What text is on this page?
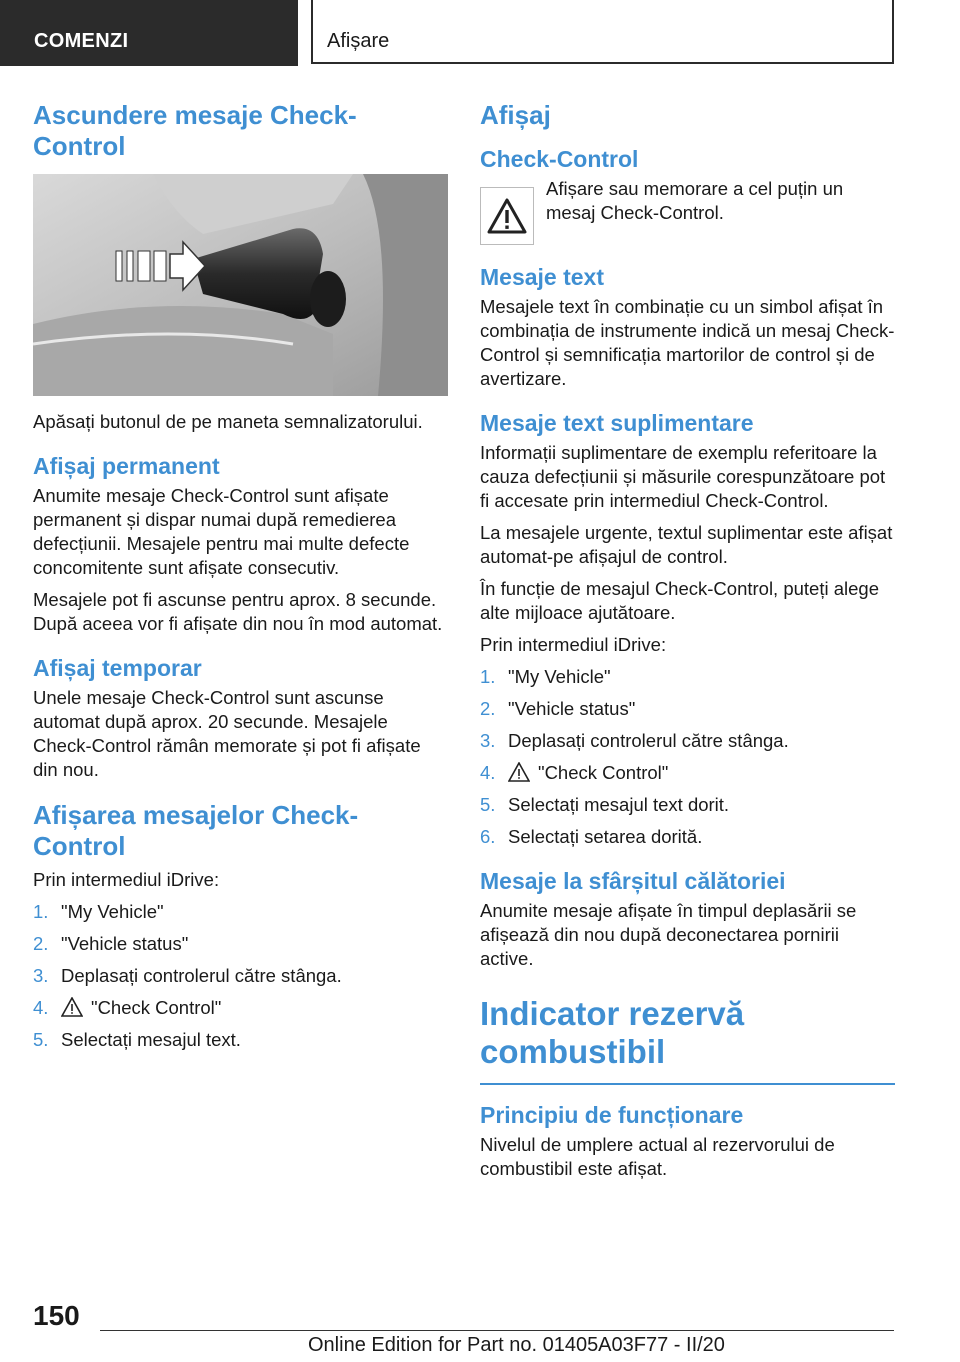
COMENZI	Afișare
Ascundere mesaje Check-Control

Apăsați butonul de pe maneta semnalizatorului.

Afișaj permanent

Anumite mesaje Check-Control sunt afișate permanent și dispar numai după remedierea defecțiunii. Mesajele pentru mai multe defecte concomitente sunt afișate consecutiv.

Mesajele pot fi ascunse pentru aprox. 8 secunde. După aceea vor fi afișate din nou în mod automat.

Afișaj temporar

Unele mesaje Check-Control sunt ascunse automat după aprox. 20 secunde. Mesajele Check-Control rămân memorate și pot fi afișate din nou.

Afișarea mesajelor Check-Control

Prin intermediul iDrive:

1. "My Vehicle"
2. "Vehicle status"
3. Deplasați controlerul către stânga.
4.	"Check Control"
5. Selectați mesajul text.
Afișaj
Check-Control

Afișare sau memorare a cel puțin un mesaj Check-Control.

Mesaje text

Mesajele text în combinație cu un simbol afișat în combinația de instrumente indică un mesaj Check-Control și semnificația martorilor de control și de avertizare.

Mesaje text suplimentare

Informații suplimentare de exemplu referitoare la cauza defecțiunii și măsurile corespunzătoare pot fi accesate prin intermediul Check-Control.

La mesajele urgente, textul suplimentar este afișat automat-pe afișajul de control.

În funcție de mesajul Check-Control, puteți alege alte mijloace ajutătoare.

Prin intermediul iDrive:

1. "My Vehicle"
2. "Vehicle status"
3. Deplasați controlerul către stânga.
4.	"Check Control"
5. Selectați mesajul text dorit.
6. Selectați setarea dorită.
Mesaje la sfârșitul călătoriei

Anumite mesaje afișate în timpul deplasării se afișează din nou după deconectarea pornirii active.

Indicator rezervă combustibil
Principiu de funcționare

Nivelul de umplere actual al rezervorului de combustibil este afișat.

150
Online Edition for Part no. 01405A03F77 - II/20
